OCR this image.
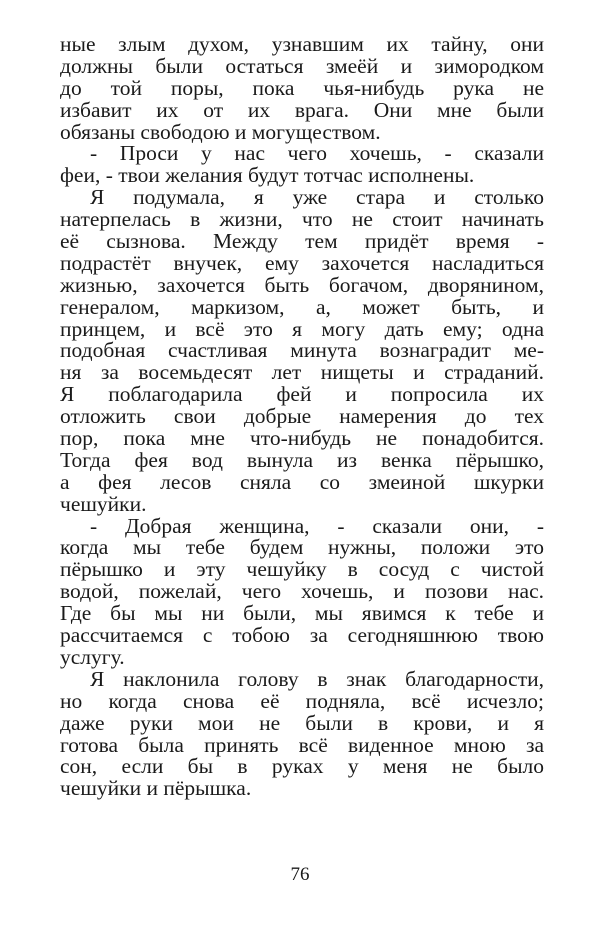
ные злым духом, узнавшим их тайну, они
должны были остаться змеёй и зимородком
до той поры, пока чья-нибудь рука не
избавит их от их врага. Они мне были
обязаны свободою и могуществом.
- Проси у нас чего хочешь, - сказали
феи, - твои желания будут тотчас исполнены.
Я подумала, я уже стара и столько
натерпелась в жизни, что не стоит начинать
её сызнова. Между тем придёт время -
подрастёт внучек, ему захочется насладиться
жизнью, захочется быть богачом, дворянином,
генералом, маркизом, а, может быть, и
принцем, и всё это я могу дать ему; одна
подобная счастливая минута вознаградит ме-
ня за восемьдесят лет нищеты и страданий.
Я поблагодарила фей и попросила их
отложить свои добрые намерения до тех
пор, пока мне что-нибудь не понадобится.
Тогда фея вод вынула из венка пёрышко,
а фея лесов сняла со змеиной шкурки
чешуйки.
- Добрая женщина, - сказали они, -
когда мы тебе будем нужны, положи это
пёрышко и эту чешуйку в сосуд с чистой
водой, пожелай, чего хочешь, и позови нас.
Где бы мы ни были, мы явимся к тебе и
рассчитаемся с тобою за сегодняшнюю твою
услугу.
Я наклонила голову в знак благодарности,
но когда снова её подняла, всё исчезло;
даже руки мои не были в крови, и я
готова была принять всё виденное мною за
сон, если бы в руках у меня не было
чешуйки и пёрышка.
76
